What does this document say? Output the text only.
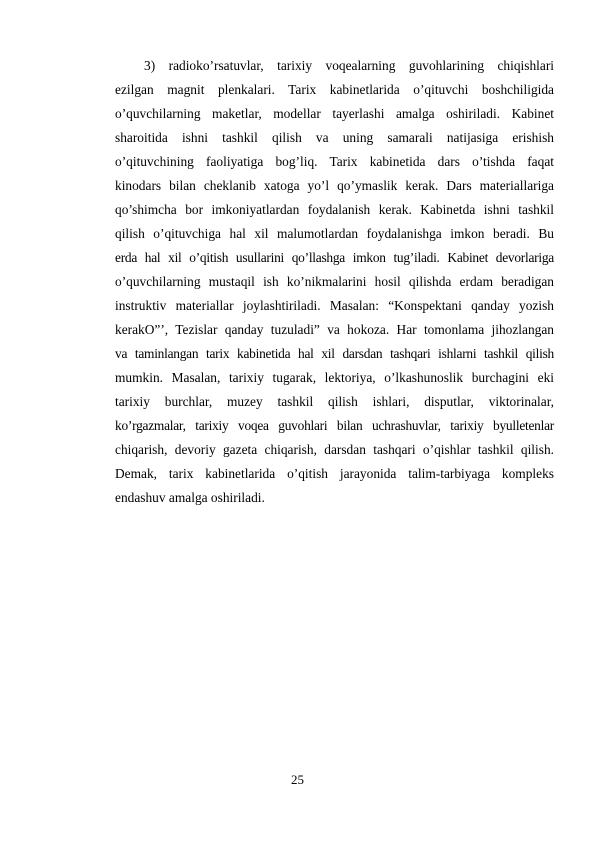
3) radioko’rsatuvlar, tarixiy voqealarning guvohlarining chiqishlari
ezilgan magnit plenkalari. Tarix kabinetlarida o’qituvchi boshchiligida
o’quvchilarning maketlar, modellar tayerlashi amalga oshiriladi. Kabinet
sharoitida ishni tashkil qilish va uning samarali natijasiga erishish
o’qituvchining faoliyatiga bog’liq. Tarix kabinetida dars o’tishda faqat
kinodars bilan cheklanib xatoga yo’l qo’ymaslik kerak. Dars materiallariga
qo’shimcha bor imkoniyatlardan foydalanish kerak. Kabinetda ishni tashkil
qilish o’qituvchiga hal xil malumotlardan foydalanishga imkon beradi. Bu
erda hal xil o’qitish usullarini qo’llashga imkon tug’iladi. Kabinet devorlariga
o’quvchilarning mustaqil ish ko’nikmalarini hosil qilishda erdam beradigan
instruktiv materiallar joylashtiriladi. Masalan: “Konspektani qanday yozish
kerakO”’, Tezislar qanday tuzuladi” va hokoza. Har tomonlama jihozlangan
va taminlangan tarix kabinetida hal xil darsdan tashqari ishlarni tashkil qilish
mumkin. Masalan, tarixiy tugarak, lektoriya, o’lkashunoslik burchagini eki
tarixiy burchlar, muzey tashkil qilish ishlari, disputlar, viktorinalar,
ko’rgazmalar, tarixiy voqea guvohlari bilan uchrashuvlar, tarixiy byulletenlar
chiqarish, devoriy gazeta chiqarish, darsdan tashqari o’qishlar tashkil qilish.
Demak, tarix kabinetlarida o’qitish jarayonida talim-tarbiyaga kompleks
endashuv amalga oshiriladi.
25
